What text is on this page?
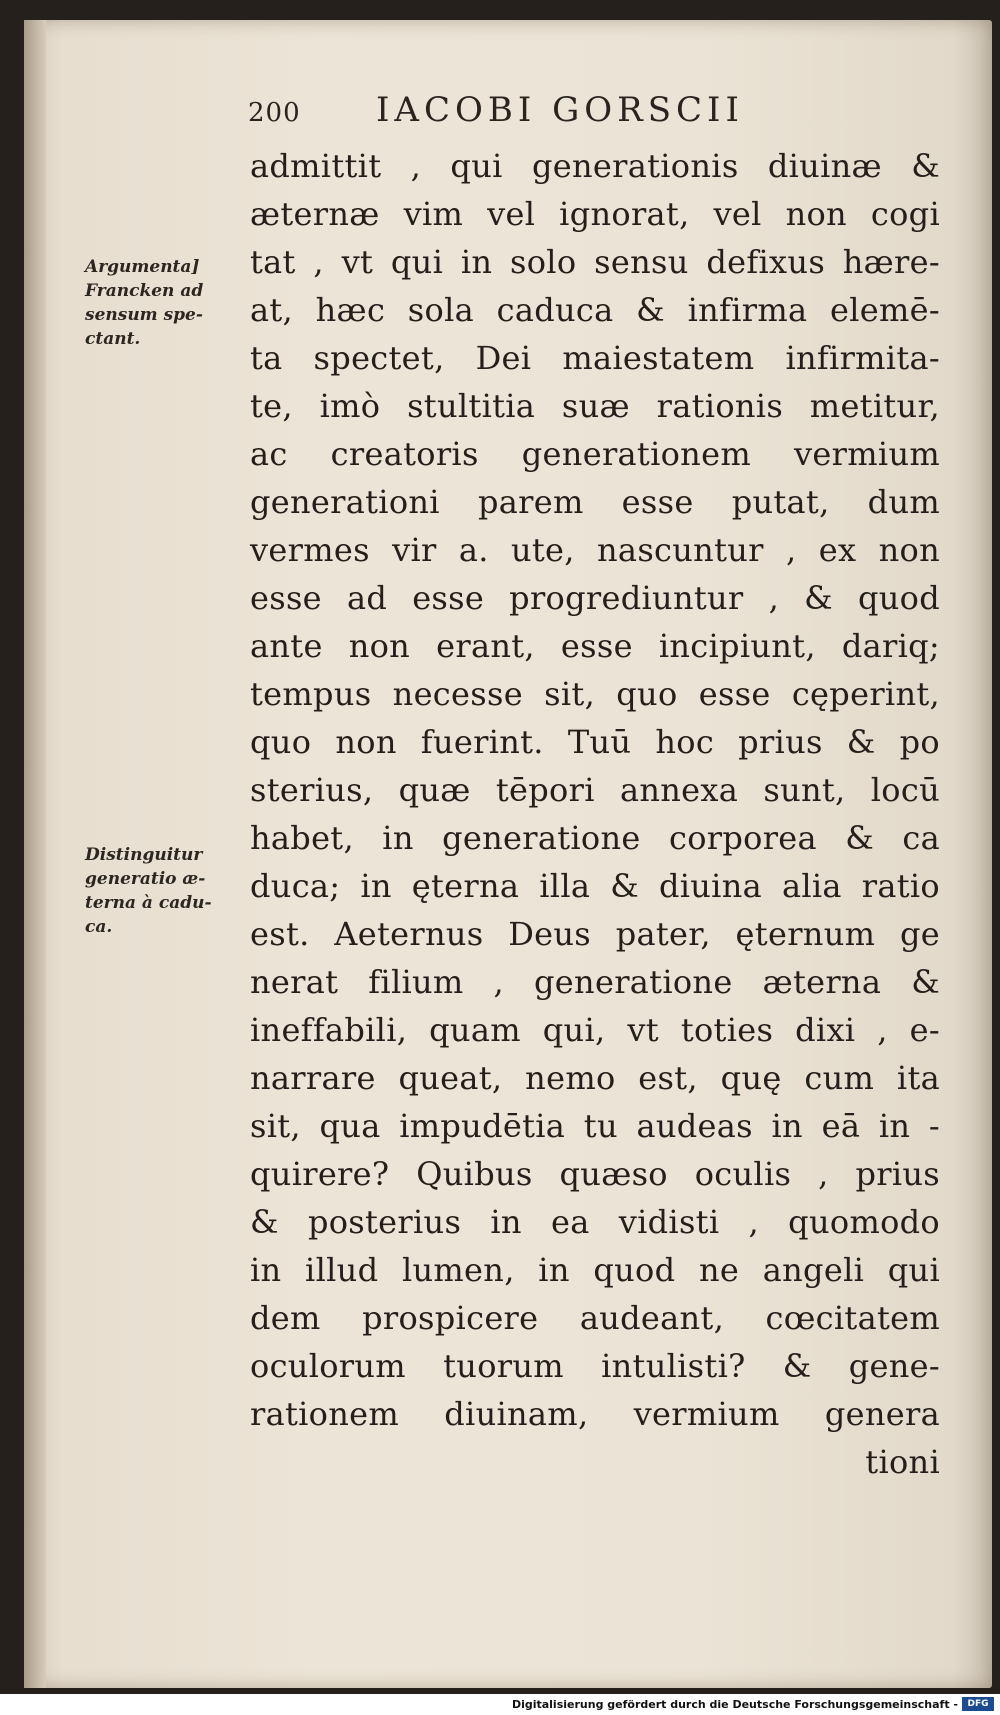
200 IACOBI GORSCII
Argumenta]
Francken ad
sensum spe-
ctant.
Distinguitur
generatio æ-
terna à cadu-
ca.
admittit , qui generationis diuinæ &
æternæ vim vel ignorat, vel non cogi
tat , vt qui in solo sensu defixus hære-
at, hæc sola caduca & infirma elemē-
ta spectet, Dei maiestatem infirmita-
te, imò stultitia suæ rationis metitur,
ac creatoris generationem vermium
generationi parem esse putat, dum
vermes vir a. ute, nascuntur , ex non
esse ad esse progrediuntur , & quod
ante non erant, esse incipiunt, dariq;
tempus necesse sit, quo esse cęperint,
quo non fuerint. Tuū hoc prius & po
sterius, quæ tēpori annexa sunt, locū
habet, in generatione corporea & ca
duca; in ęterna illa & diuina alia ratio
est. Aeternus Deus pater, ęternum ge
nerat filium , generatione æterna &
ineffabili, quam qui, vt toties dixi , e-
narrare queat, nemo est, quę cum ita
sit, qua impudētia tu audeas in eā in -
quirere? Quibus quæso oculis , prius
& posterius in ea vidisti , quomodo
in illud lumen, in quod ne angeli qui
dem prospicere audeant, cœcitatem
oculorum tuorum intulisti? & gene-
rationem diuinam, vermium genera
tioni
Digitalisierung gefördert durch die Deutsche Forschungsgemeinschaft -	DFG
